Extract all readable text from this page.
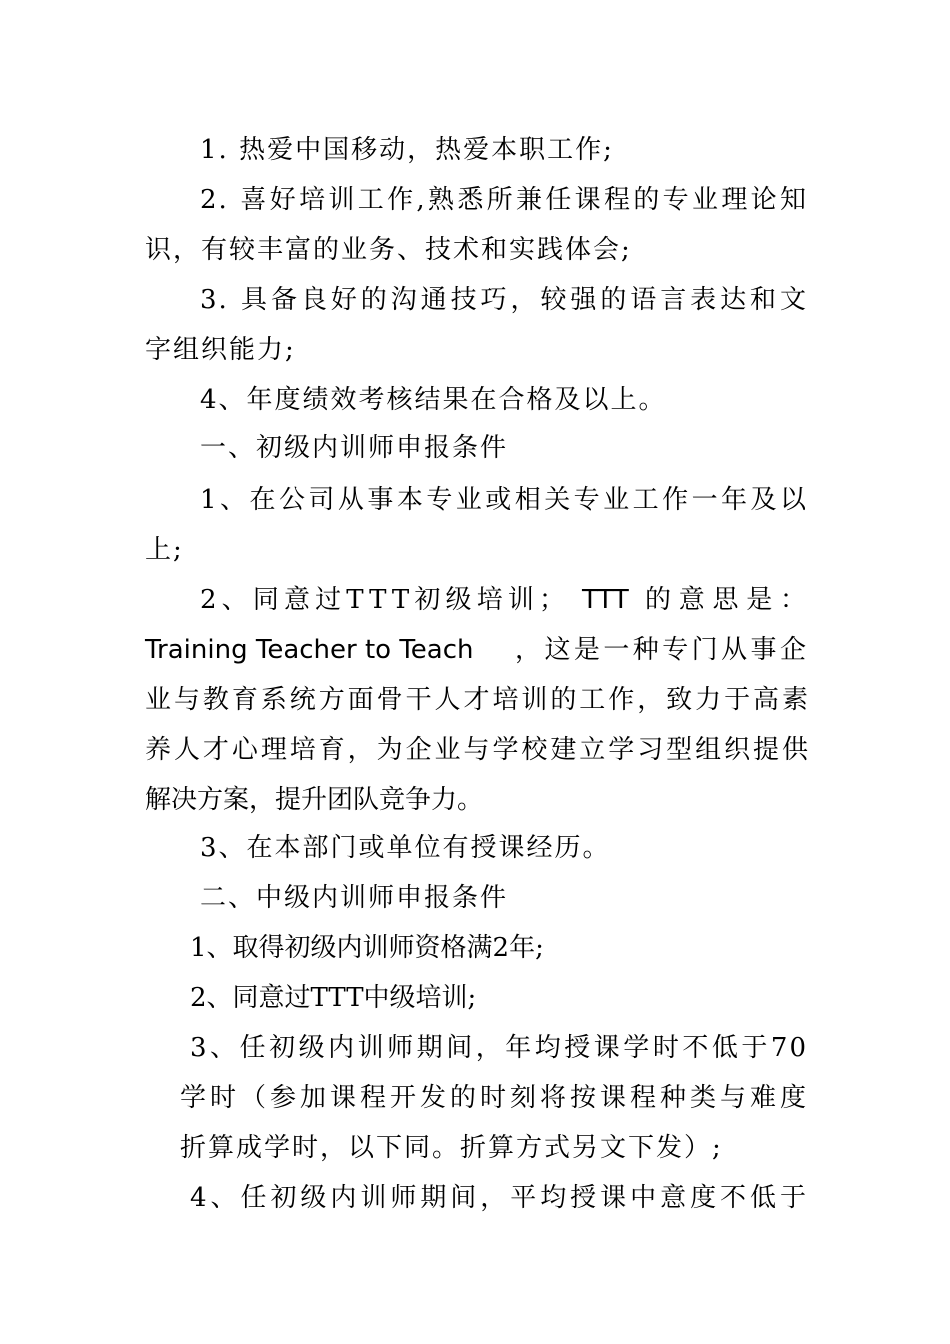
1. 热爱中国移动，热爱本职工作;
2. 喜好培训工作,熟悉所兼任课程的专业理论知
识，有较丰富的业务、技术和实践体会;
3. 具备良好的沟通技巧，较强的语言表达和文
字组织能力;
4、年度绩效考核结果在合格及以上。
一、初级内训师申报条件
1、在公司从事本专业或相关专业工作一年及以
上;
2、同意过TTT初级培训； TTT 的意思是：
Training Teacher to Teach	，这是一种专门从事企
业与教育系统方面骨干人才培训的工作，致力于高素
养人才心理培育，为企业与学校建立学习型组织提供
解决方案，提升团队竞争力。
3、在本部门或单位有授课经历。
二、中级内训师申报条件
1、取得初级内训师资格满2年;
2、同意过TTT中级培训;
3、任初级内训师期间，年均授课学时不低于70
学时（参加课程开发的时刻将按课程种类与难度
折算成学时，以下同。折算方式另文下发）;
4、任初级内训师期间，平均授课中意度不低于
